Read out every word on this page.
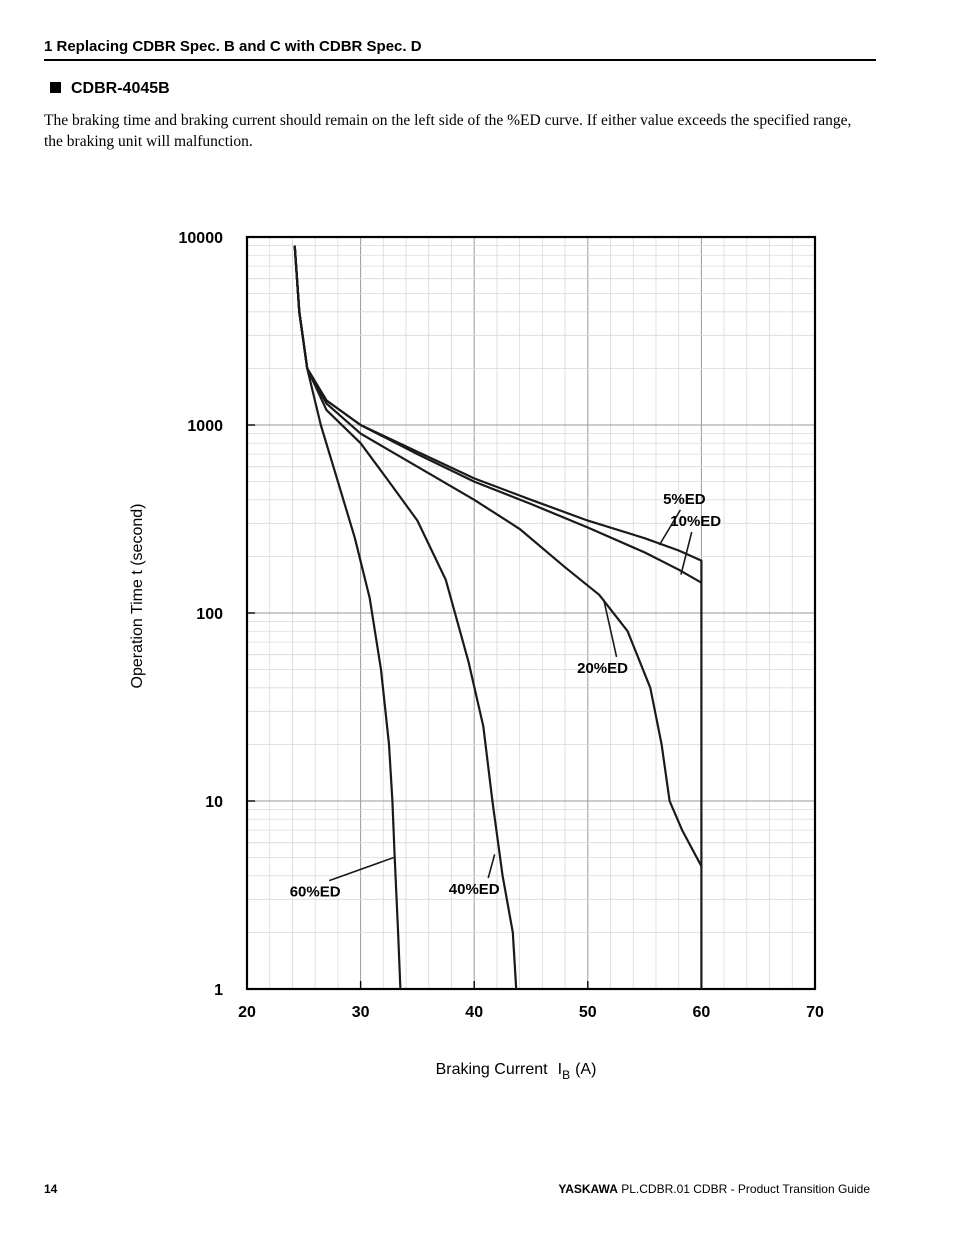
1 Replacing CDBR Spec. B and C with CDBR Spec. D
CDBR-4045B
The braking time and braking current should remain on the left side of the %ED curve. If either value exceeds the specified range, the braking unit will malfunction.
20	30	40	50	60	70
1
10
100
1000
10000
5%ED
10%ED
20%ED
40%ED
60%ED
Operation Time t (second)
Braking Current $I_B$ (A)
14	YASKAWA PL.CDBR.01 CDBR - Product Transition Guide
